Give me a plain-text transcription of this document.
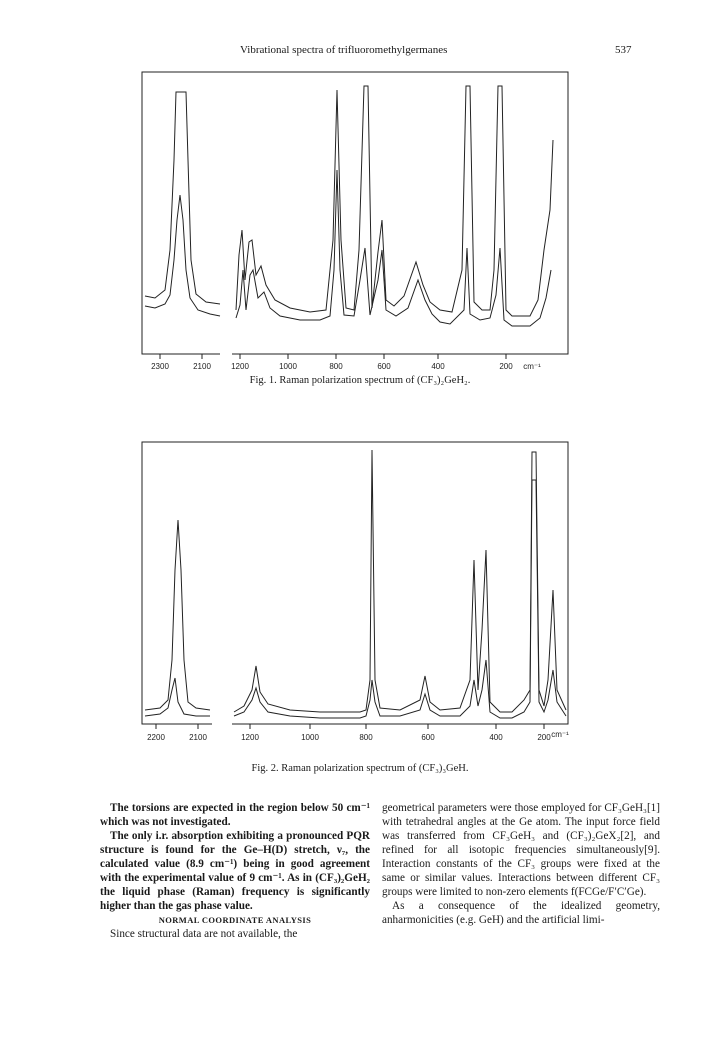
Vibrational spectra of trifluoromethylgermanes	537
2300	2100	1200	1000	800	600	400	200 cm⁻¹
Fig. 1. Raman polarization spectrum of (CF₃)₂GeH₂.
2200	2100	1200	1000	800	600	400	200 cm⁻¹
Fig. 2. Raman polarization spectrum of (CF₃)₃GeH.

The torsions are expected in the region below 50 cm⁻¹ which was not investigated.

The only i.r. absorption exhibiting a pronounced PQR structure is found for the Ge–H(D) stretch, ν₇, the calculated value (8.9 cm⁻¹) being in good agreement with the experimental value of 9 cm⁻¹. As in (CF₃)₂GeH₂ the liquid phase (Raman) frequency is significantly higher than the gas phase value.

NORMAL COORDINATE ANALYSIS

Since structural data are not available, the

geometrical parameters were those employed for CF₃GeH₃[1] with tetrahedral angles at the Ge atom. The input force field was transferred from CF₃GeH₃ and (CF₃)₂GeX₂[2], and refined for all isotopic frequencies simultaneously[9]. Interaction constants of the CF₃ groups were fixed at the same or similar values. Interactions between different CF₃ groups were limited to non-zero elements f(FCGe/F′C′Ge).

As a consequence of the idealized geometry, anharmonicities (e.g. GeH) and the artificial limi-
